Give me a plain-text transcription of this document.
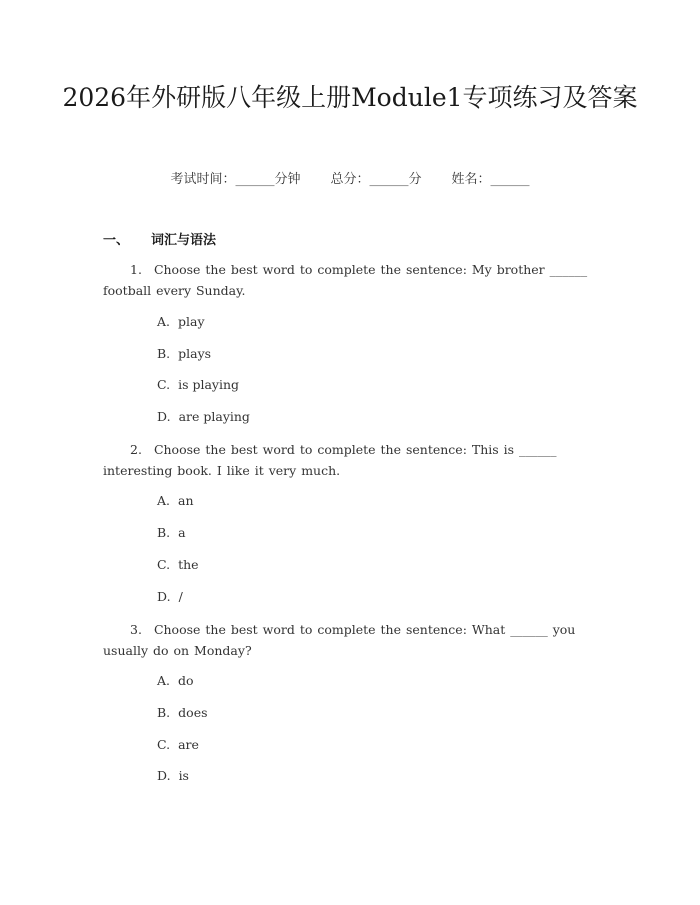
2026年外研版八年级上册Module1专项练习及答案
考试时间：______分钟 总分：______分 姓名：______
一、 词汇与语法
1. Choose the best word to complete the sentence: My brother ______ football every Sunday.
A. play
B. plays
C. is playing
D. are playing
2. Choose the best word to complete the sentence: This is ______ interesting book. I like it very much.
A. an
B. a
C. the
D. /
3. Choose the best word to complete the sentence: What ______ you usually do on Monday?
A. do
B. does
C. are
D. is
